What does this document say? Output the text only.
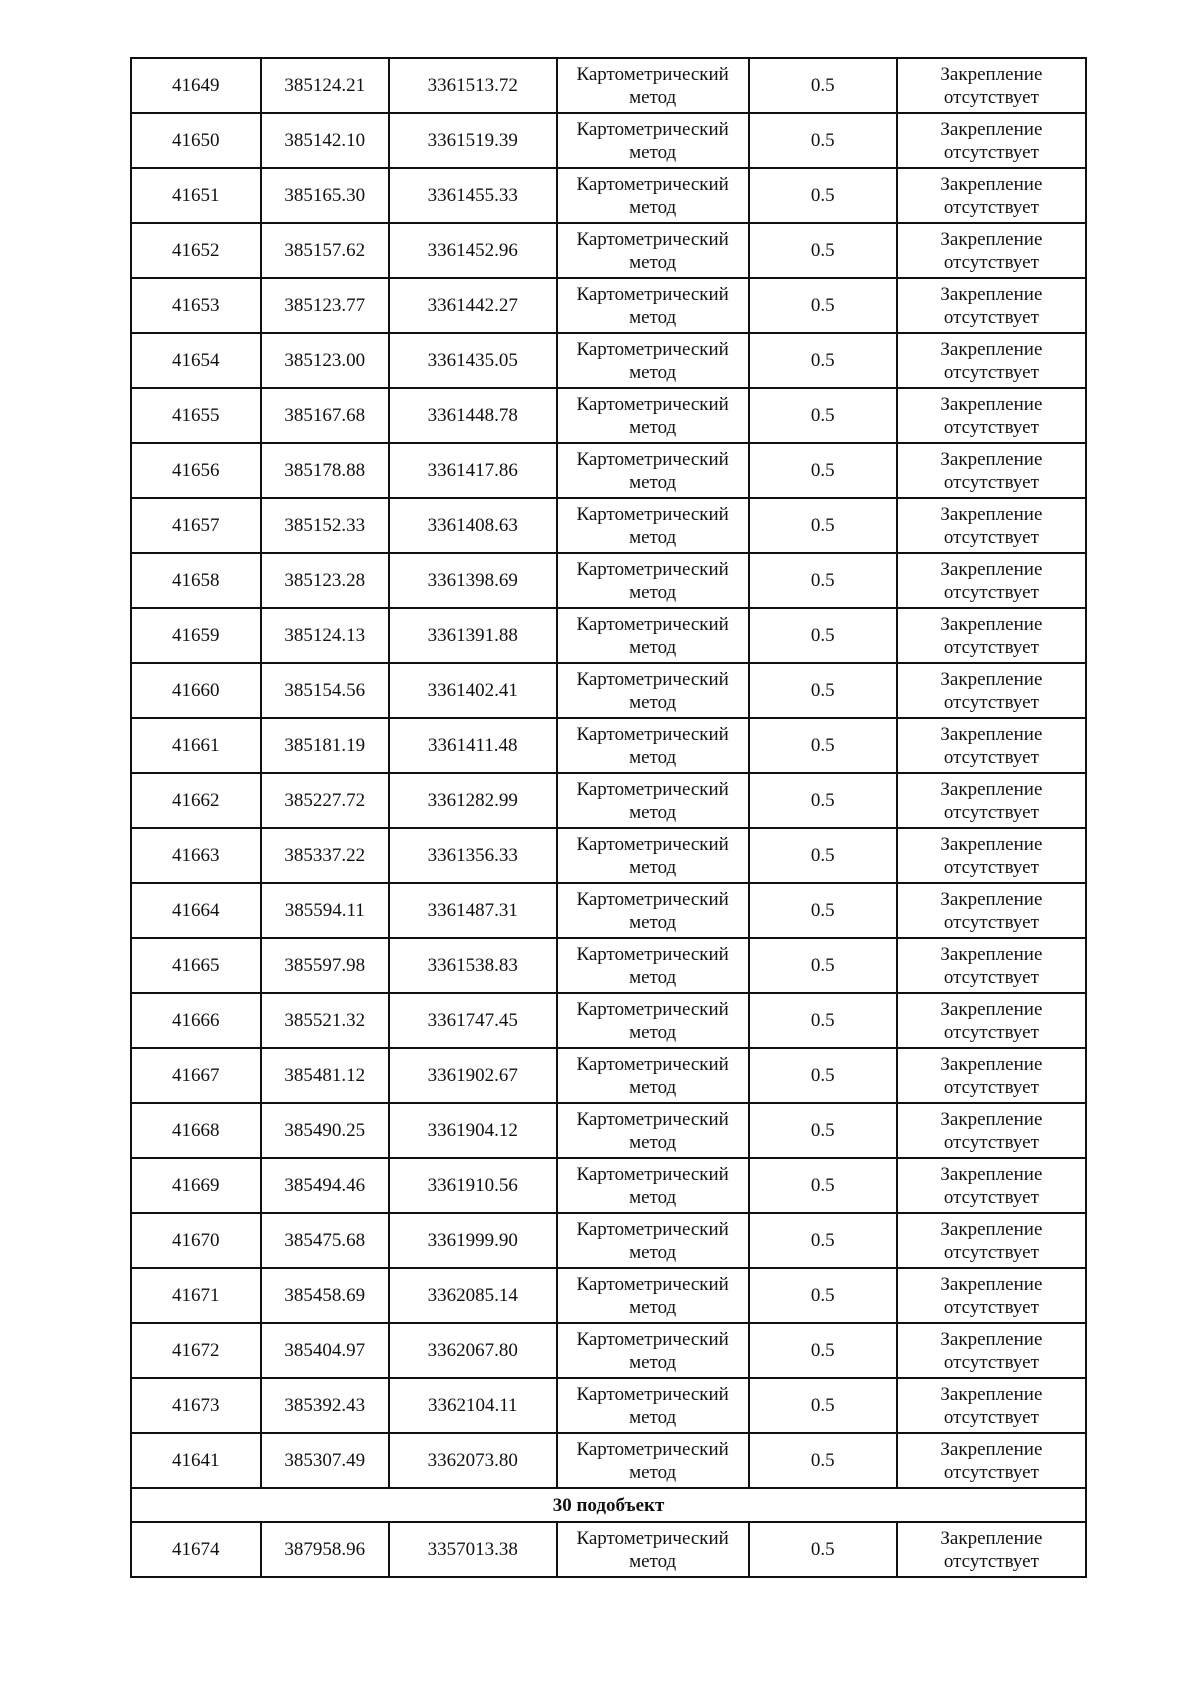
41649	385124.21	3361513.72	Картометрический метод	0.5	Закрепление отсутствует
41650	385142.10	3361519.39	Картометрический метод	0.5	Закрепление отсутствует
41651	385165.30	3361455.33	Картометрический метод	0.5	Закрепление отсутствует
41652	385157.62	3361452.96	Картометрический метод	0.5	Закрепление отсутствует
41653	385123.77	3361442.27	Картометрический метод	0.5	Закрепление отсутствует
41654	385123.00	3361435.05	Картометрический метод	0.5	Закрепление отсутствует
41655	385167.68	3361448.78	Картометрический метод	0.5	Закрепление отсутствует
41656	385178.88	3361417.86	Картометрический метод	0.5	Закрепление отсутствует
41657	385152.33	3361408.63	Картометрический метод	0.5	Закрепление отсутствует
41658	385123.28	3361398.69	Картометрический метод	0.5	Закрепление отсутствует
41659	385124.13	3361391.88	Картометрический метод	0.5	Закрепление отсутствует
41660	385154.56	3361402.41	Картометрический метод	0.5	Закрепление отсутствует
41661	385181.19	3361411.48	Картометрический метод	0.5	Закрепление отсутствует
41662	385227.72	3361282.99	Картометрический метод	0.5	Закрепление отсутствует
41663	385337.22	3361356.33	Картометрический метод	0.5	Закрепление отсутствует
41664	385594.11	3361487.31	Картометрический метод	0.5	Закрепление отсутствует
41665	385597.98	3361538.83	Картометрический метод	0.5	Закрепление отсутствует
41666	385521.32	3361747.45	Картометрический метод	0.5	Закрепление отсутствует
41667	385481.12	3361902.67	Картометрический метод	0.5	Закрепление отсутствует
41668	385490.25	3361904.12	Картометрический метод	0.5	Закрепление отсутствует
41669	385494.46	3361910.56	Картометрический метод	0.5	Закрепление отсутствует
41670	385475.68	3361999.90	Картометрический метод	0.5	Закрепление отсутствует
41671	385458.69	3362085.14	Картометрический метод	0.5	Закрепление отсутствует
41672	385404.97	3362067.80	Картометрический метод	0.5	Закрепление отсутствует
41673	385392.43	3362104.11	Картометрический метод	0.5	Закрепление отсутствует
41641	385307.49	3362073.80	Картометрический метод	0.5	Закрепление отсутствует
30 подобъект					
41674	387958.96	3357013.38	Картометрический метод	0.5	Закрепление отсутствует
